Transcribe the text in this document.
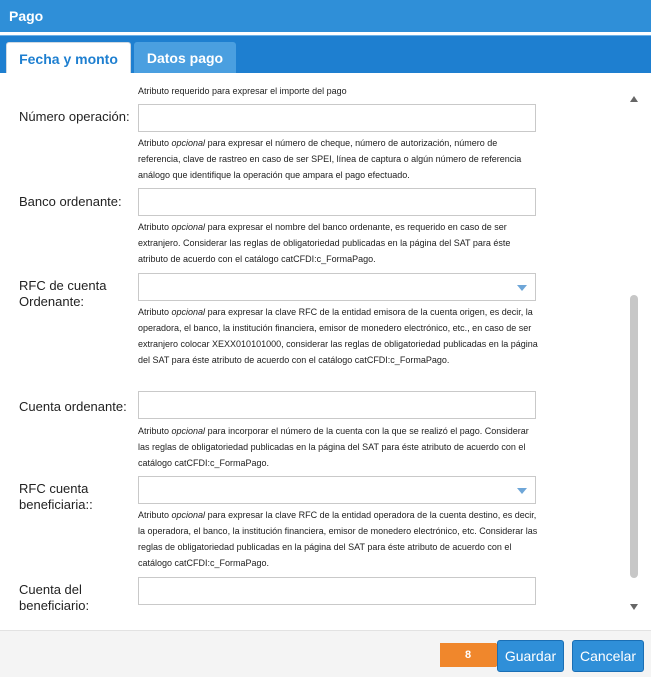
Pago
Fecha y monto	Datos pago
Atributo requerido para expresar el importe del pago
Número operación:
Atributo opcional para expresar el número de cheque, número de autorización, número de referencia, clave de rastreo en caso de ser SPEI, línea de captura o algún número de referencia análogo que identifique la operación que ampara el pago efectuado.
Banco ordenante:
Atributo opcional para expresar el nombre del banco ordenante, es requerido en caso de ser extranjero. Considerar las reglas de obligatoriedad publicadas en la página del SAT para éste atributo de acuerdo con el catálogo catCFDI:c_FormaPago.
RFC de cuenta Ordenante:
Atributo opcional para expresar la clave RFC de la entidad emisora de la cuenta origen, es decir, la operadora, el banco, la institución financiera, emisor de monedero electrónico, etc., en caso de ser extranjero colocar XEXX010101000, considerar las reglas de obligatoriedad publicadas en la página del SAT para éste atributo de acuerdo con el catálogo catCFDI:c_FormaPago.
Cuenta ordenante:
Atributo opcional para incorporar el número de la cuenta con la que se realizó el pago. Considerar las reglas de obligatoriedad publicadas en la página del SAT para éste atributo de acuerdo con el catálogo catCFDI:c_FormaPago.
RFC cuenta beneficiaria::
Atributo opcional para expresar la clave RFC de la entidad operadora de la cuenta destino, es decir, la operadora, el banco, la institución financiera, emisor de monedero electrónico, etc. Considerar las reglas de obligatoriedad publicadas en la página del SAT para éste atributo de acuerdo con el catálogo catCFDI:c_FormaPago.
Cuenta del beneficiario:
8	Guardar	Cancelar
